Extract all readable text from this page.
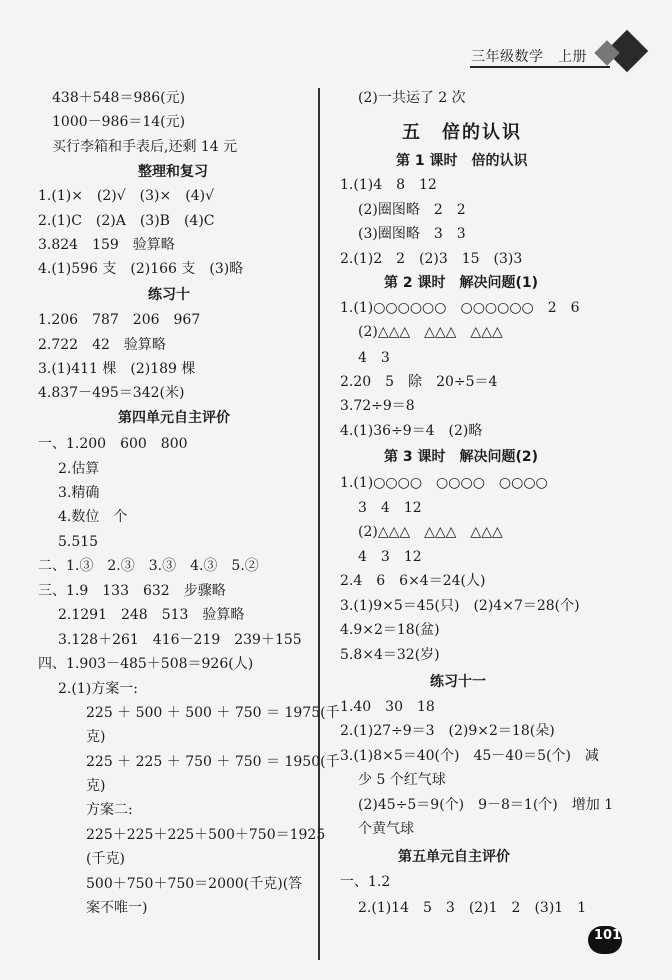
三年级数学　上册
438＋548＝986(元)
1000－986＝14(元)
买行李箱和手表后,还剩 14 元
整理和复习
1.(1)×　(2)√　(3)×　(4)√
2.(1)C　(2)A　(3)B　(4)C
3.824　159　验算略
4.(1)596 支　(2)166 支　(3)略
练习十
1.206　787　206　967
2.722　42　验算略
3.(1)411 棵　(2)189 棵
4.837－495＝342(米)
第四单元自主评价
一、1.200　600　800
2.估算
3.精确
4.数位　个
5.515
二、1.③　2.③　3.③　4.③　5.②
三、1.9　133　632　步骤略
2.1291　248　513　验算略
3.128＋261　416－219　239＋155
四、1.903－485＋508＝926(人)
2.(1)方案一:
225 ＋ 500 ＋ 500 ＋ 750 ＝ 1975(千
克)
225 ＋ 225 ＋ 750 ＋ 750 ＝ 1950(千
克)
方案二:
225＋225＋225＋500＋750＝1925
(千克)
500＋750＋750＝2000(千克)(答
案不唯一)
(2)一共运了 2 次
五　倍的认识
第 1 课时　倍的认识
1.(1)4　8　12
(2)圈图略　2　2
(3)圈图略　3　3
2.(1)2　2　(2)3　15　(3)3
第 2 课时　解决问题(1)
1.(1)○○○○○○　○○○○○○　2　6
(2)△△△　△△△　△△△
4　3
2.20　5　除　20÷5＝4
3.72÷9＝8
4.(1)36÷9＝4　(2)略
第 3 课时　解决问题(2)
1.(1)○○○○　○○○○　○○○○
3　4　12
(2)△△△　△△△　△△△
4　3　12
2.4　6　6×4＝24(人)
3.(1)9×5＝45(只)　(2)4×7＝28(个)
4.9×2＝18(盆)
5.8×4＝32(岁)
练习十一
1.40　30　18
2.(1)27÷9＝3　(2)9×2＝18(朵)
3.(1)8×5＝40(个)　45－40＝5(个)　减
少 5 个红气球
(2)45÷5＝9(个)　9－8＝1(个)　增加 1
个黄气球
第五单元自主评价
一、1.2
2.(1)14　5　3　(2)1　2　(3)1　1
101
